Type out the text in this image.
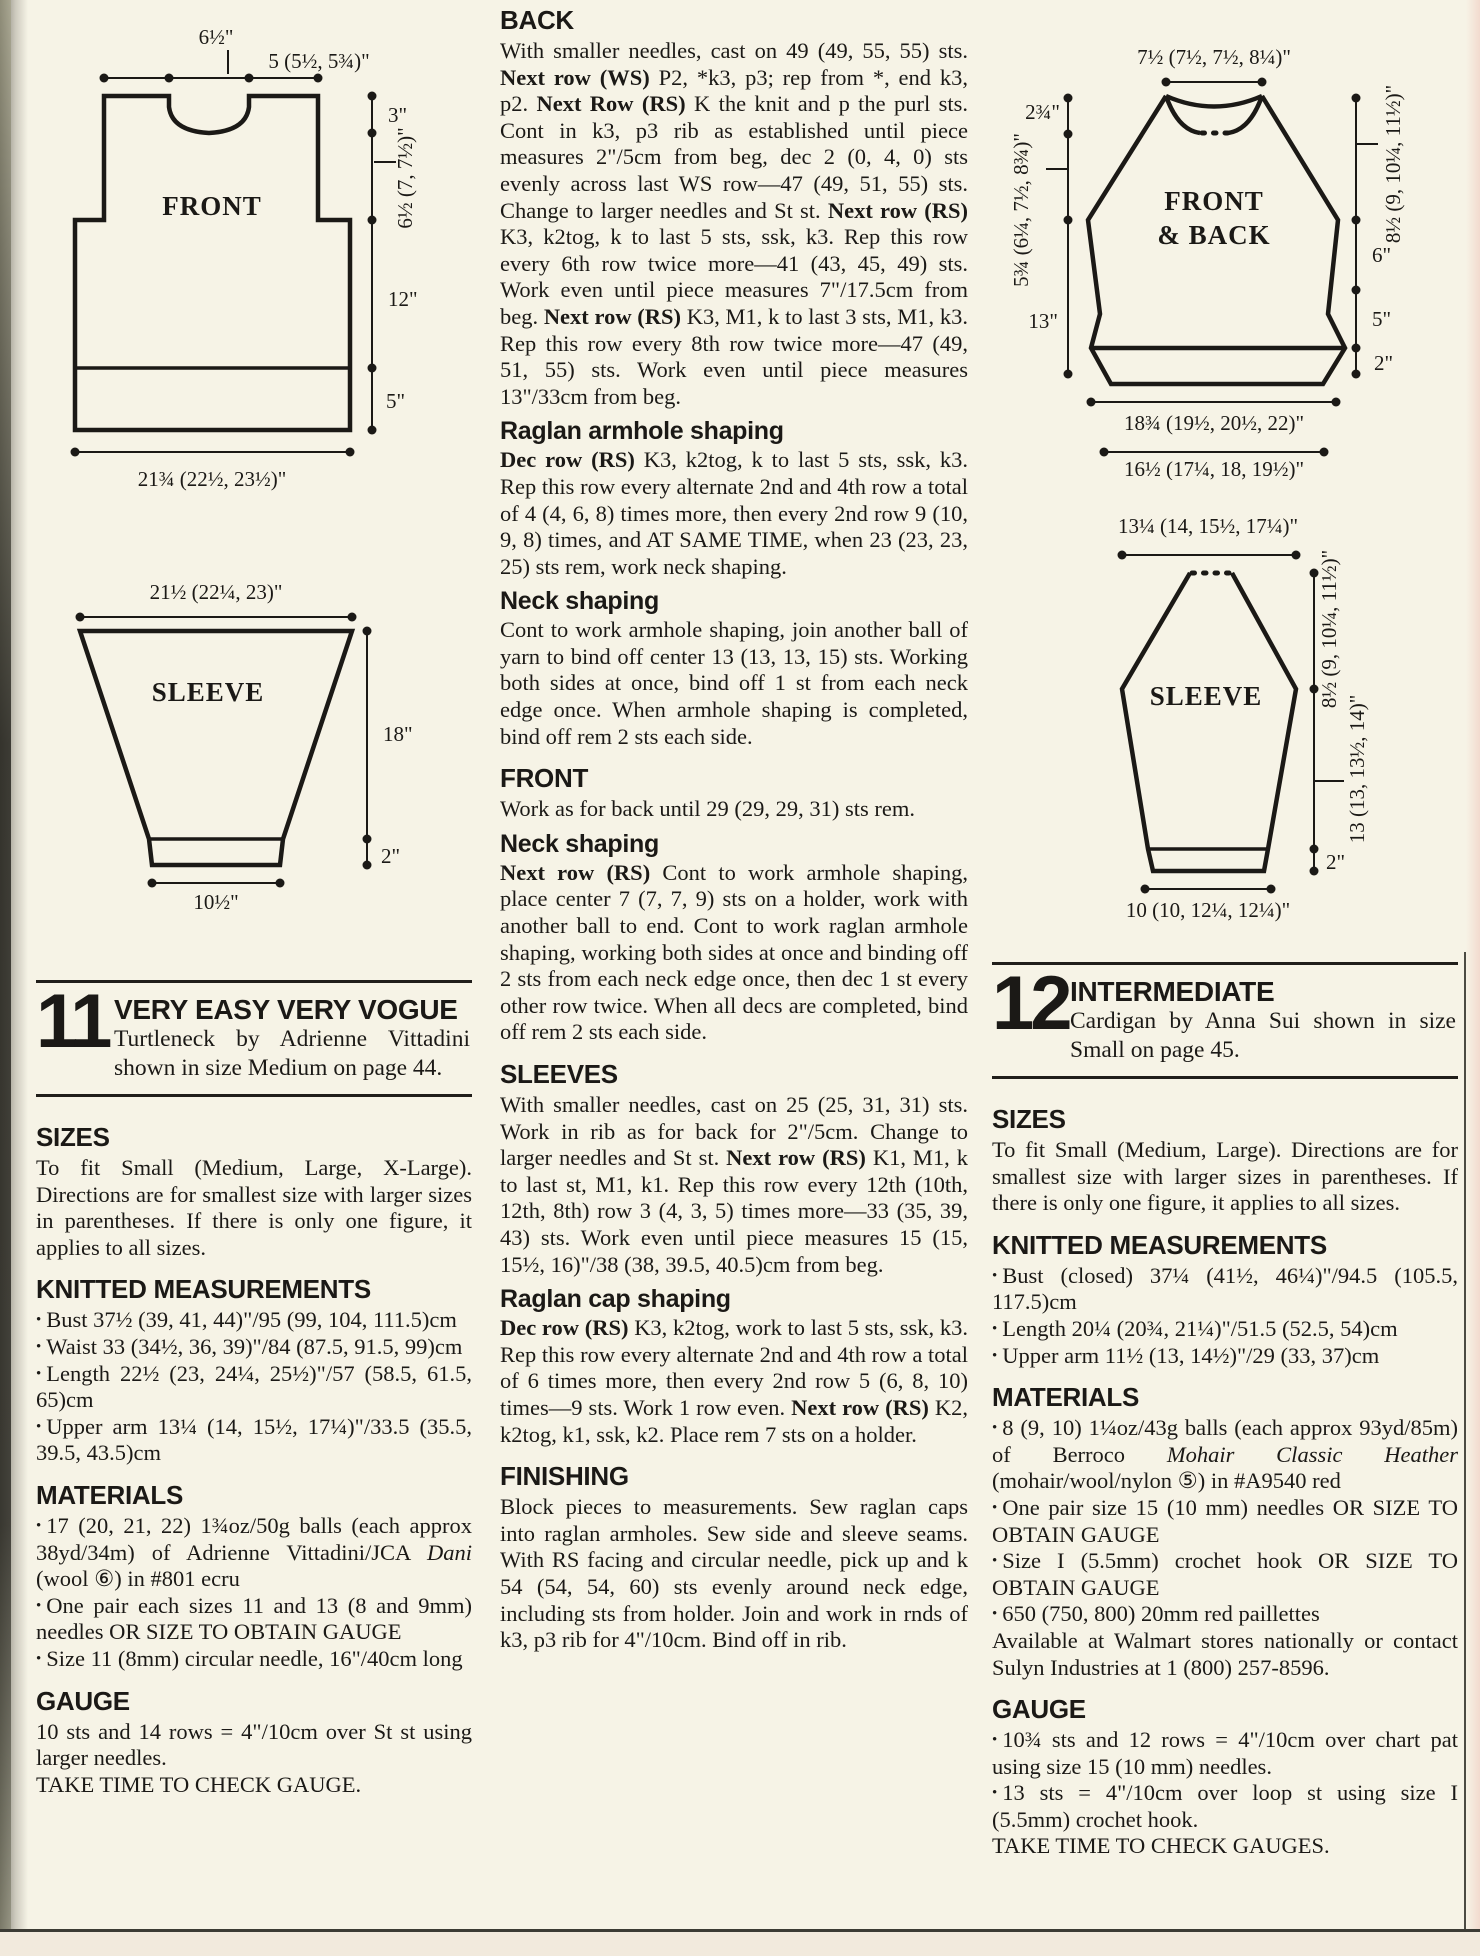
6½"
5 (5½, 5¾)"
FRONT
3"
6½ (7, 7½)"
12"
5"
21¾ (22½, 23½)"

21½ (22¼, 23)"
SLEEVE
18"
2"
10½"
11 VERY EASY VERY VOGUE
Turtleneck by Adrienne Vittadini shown in size Medium on page 44.
SIZES

To fit Small (Medium, Large, X-Large). Directions are for smallest size with larger sizes in parentheses. If there is only one figure, it applies to all sizes.

KNITTED MEASUREMENTS

• Bust 37½ (39, 41, 44)"/95 (99, 104, 111.5)cm

• Waist 33 (34½, 36, 39)"/84 (87.5, 91.5, 99)cm

• Length 22½ (23, 24¼, 25½)"/57 (58.5, 61.5, 65)cm

• Upper arm 13¼ (14, 15½, 17¼)"/33.5 (35.5, 39.5, 43.5)cm

MATERIALS

• 17 (20, 21, 22) 1¾oz/50g balls (each approx 38yd/34m) of Adrienne Vittadini/JCA Dani (wool ⑥) in #801 ecru

• One pair each sizes 11 and 13 (8 and 9mm) needles OR SIZE TO OBTAIN GAUGE

• Size 11 (8mm) circular needle, 16"/40cm long

GAUGE

10 sts and 14 rows = 4"/10cm over St st using larger needles.

TAKE TIME TO CHECK GAUGE.

BACK

With smaller needles, cast on 49 (49, 55, 55) sts. Next row (WS) P2, *k3, p3; rep from *, end k3, p2. Next Row (RS) K the knit and p the purl sts. Cont in k3, p3 rib as established until piece measures 2"/5cm from beg, dec 2 (0, 4, 0) sts evenly across last WS row—47 (49, 51, 55) sts. Change to larger needles and St st. Next row (RS) K3, k2tog, k to last 5 sts, ssk, k3. Rep this row every 6th row twice more—41 (43, 45, 49) sts. Work even until piece measures 7"/17.5cm from beg. Next row (RS) K3, M1, k to last 3 sts, M1, k3. Rep this row every 8th row twice more—47 (49, 51, 55) sts. Work even until piece measures 13"/33cm from beg.

Raglan armhole shaping

Dec row (RS) K3, k2tog, k to last 5 sts, ssk, k3. Rep this row every alternate 2nd and 4th row a total of 4 (4, 6, 8) times more, then every 2nd row 9 (10, 9, 8) times, and AT SAME TIME, when 23 (23, 23, 25) sts rem, work neck shaping.

Neck shaping

Cont to work armhole shaping, join another ball of yarn to bind off center 13 (13, 13, 15) sts. Working both sides at once, bind off 1 st from each neck edge once. When armhole shaping is completed, bind off rem 2 sts each side.

FRONT

Work as for back until 29 (29, 29, 31) sts rem.

Neck shaping

Next row (RS) Cont to work armhole shaping, place center 7 (7, 7, 9) sts on a holder, work with another ball to end. Cont to work raglan armhole shaping, working both sides at once and binding off 2 sts from each neck edge once, then dec 1 st every other row twice. When all decs are completed, bind off rem 2 sts each side.

SLEEVES

With smaller needles, cast on 25 (25, 31, 31) sts. Work in rib as for back for 2"/5cm. Change to larger needles and St st. Next row (RS) K1, M1, k to last st, M1, k1. Rep this row every 12th (10th, 12th, 8th) row 3 (4, 3, 5) times more—33 (35, 39, 43) sts. Work even until piece measures 15 (15, 15½, 16)"/38 (38, 39.5, 40.5)cm from beg.

Raglan cap shaping

Dec row (RS) K3, k2tog, work to last 5 sts, ssk, k3. Rep this row every alternate 2nd and 4th row a total of 6 times more, then every 2nd row 5 (6, 8, 10) times—9 sts. Work 1 row even. Next row (RS) K2, k2tog, k1, ssk, k2. Place rem 7 sts on a holder.

FINISHING

Block pieces to measurements. Sew raglan caps into raglan armholes. Sew side and sleeve seams. With RS facing and circular needle, pick up and k 54 (54, 54, 60) sts evenly around neck edge, including sts from holder. Join and work in rnds of k3, p3 rib for 4"/10cm. Bind off in rib.

7½ (7½, 7½, 8¼)"
FRONT
& BACK
2¾"
5¾ (6¼, 7½, 8¾)"
13"
8½ (9, 10¼, 11½)"
6"
5"
2"
18¾ (19½, 20½, 22)"
16½ (17¼, 18, 19½)"

13¼ (14, 15½, 17¼)"
SLEEVE	8½ (9, 10¼, 11½)"
13 (13, 13½, 14)"
2"
10 (10, 12¼, 12¼)"
12 INTERMEDIATE
Cardigan by Anna Sui shown in size Small on page 45.
SIZES

To fit Small (Medium, Large). Directions are for smallest size with larger sizes in parentheses. If there is only one figure, it applies to all sizes.

KNITTED MEASUREMENTS

• Bust (closed) 37¼ (41½, 46¼)"/94.5 (105.5, 117.5)cm

• Length 20¼ (20¾, 21¼)"/51.5 (52.5, 54)cm

• Upper arm 11½ (13, 14½)"/29 (33, 37)cm

MATERIALS

• 8 (9, 10) 1¼oz/43g balls (each approx 93yd/85m) of Berroco Mohair Classic Heather (mohair/wool/nylon ⑤) in #A9540 red

• One pair size 15 (10 mm) needles OR SIZE TO OBTAIN GAUGE

• Size I (5.5mm) crochet hook OR SIZE TO OBTAIN GAUGE

• 650 (750, 800) 20mm red paillettes

Available at Walmart stores nationally or contact Sulyn Industries at 1 (800) 257-8596.

GAUGE

• 10¾ sts and 12 rows = 4"/10cm over chart pat using size 15 (10 mm) needles.

• 13 sts = 4"/10cm over loop st using size I (5.5mm) crochet hook.

TAKE TIME TO CHECK GAUGES.
